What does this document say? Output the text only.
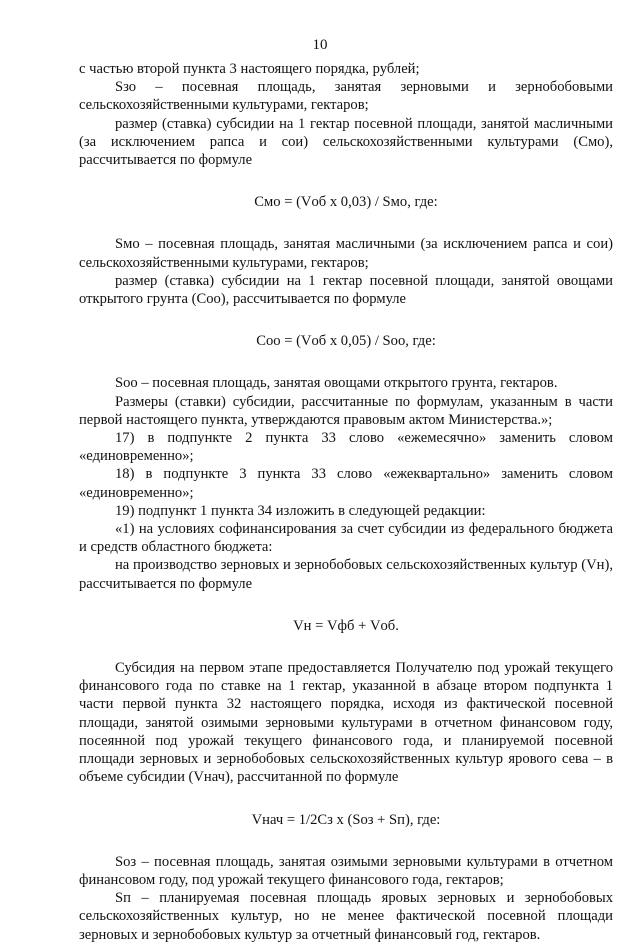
10

с частью второй пункта 3 настоящего порядка, рублей;

Sзо – посевная площадь, занятая зерновыми и зернобобовыми сельскохозяйственными культурами, гектаров;

размер (ставка) субсидии на 1 гектар посевной площади, занятой масличными (за исключением рапса и сои) сельскохозяйственными культурами (Смо), рассчитывается по формуле

Смо = (Vоб х 0,03) / Sмо, где:

Sмо – посевная площадь, занятая масличными (за исключением рапса и сои) сельскохозяйственными культурами, гектаров;

размер (ставка) субсидии на 1 гектар посевной площади, занятой овощами открытого грунта (Соо), рассчитывается по формуле

Соо = (Vоб х 0,05) / Sоо, где:

Sоо – посевная площадь, занятая овощами открытого грунта, гектаров.

Размеры (ставки) субсидии, рассчитанные по формулам, указанным в части первой настоящего пункта, утверждаются правовым актом Министерства.»;

17) в подпункте 2 пункта 33 слово «ежемесячно» заменить словом «единовременно»;

18) в подпункте 3 пункта 33 слово «ежеквартально» заменить словом «единовременно»;

19) подпункт 1 пункта 34 изложить в следующей редакции:

«1) на условиях софинансирования за счет субсидии из федерального бюджета и средств областного бюджета:

на производство зерновых и зернобобовых сельскохозяйственных культур (Vн), рассчитывается по формуле

Vн = Vфб + Vоб.

Субсидия на первом этапе предоставляется Получателю под урожай текущего финансового года по ставке на 1 гектар, указанной в абзаце втором подпункта 1 части первой пункта 32 настоящего порядка, исходя из фактической посевной площади, занятой озимыми зерновыми культурами в отчетном финансовом году, посеянной под урожай текущего финансового года, и планируемой посевной площади зерновых и зернобобовых сельскохозяйственных культур ярового сева – в объеме субсидии (Vнач), рассчитанной по формуле

Vнач = 1/2Сз х (Sоз + Sп), где:

Sоз – посевная площадь, занятая озимыми зерновыми культурами в отчетном финансовом году, под урожай текущего финансового года, гектаров;

Sп – планируемая посевная площадь яровых зерновых и зернобобовых сельскохозяйственных культур, но не менее фактической посевной площади зерновых и зернобобовых культур за отчетный финансовый год, гектаров.
